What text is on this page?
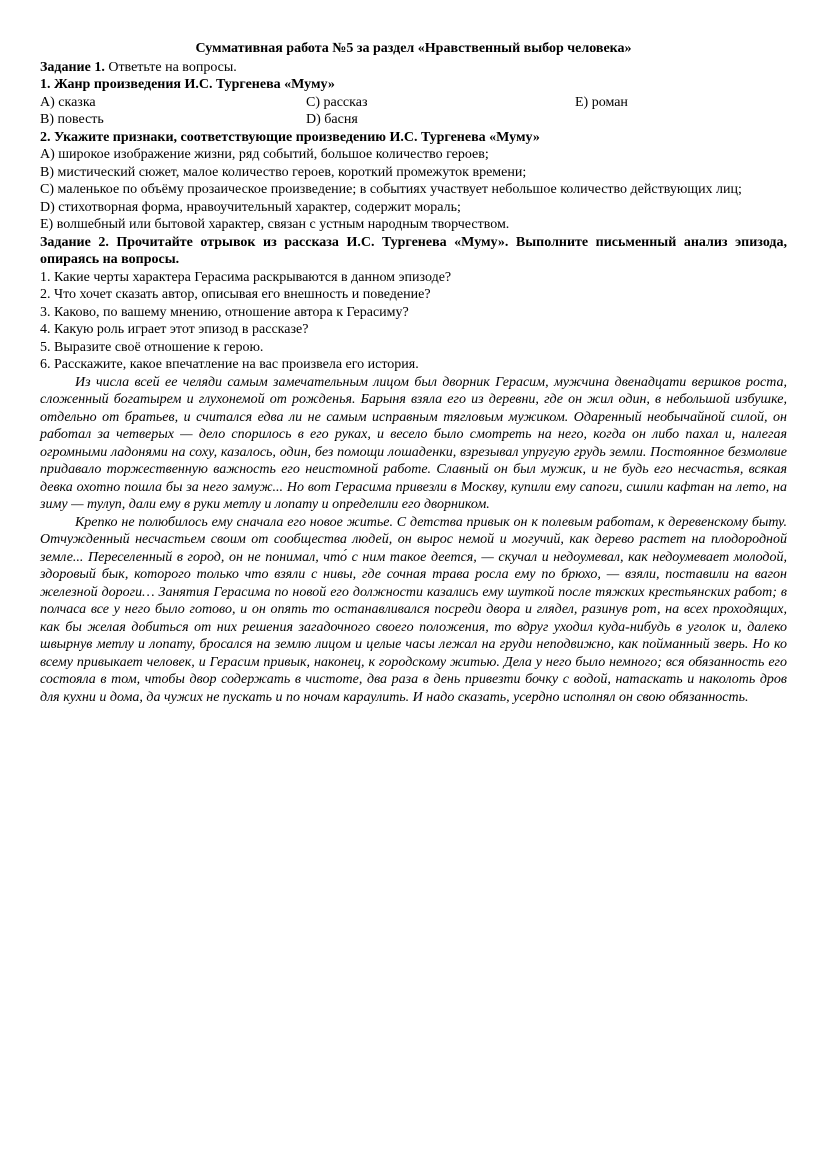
Суммативная работа №5 за раздел «Нравственный выбор человека»

Задание 1. Ответьте на вопросы.

1. Жанр произведения И.С. Тургенева «Муму»

А) сказка	С) рассказ	Е) роман
В) повесть	D) басня

2. Укажите признаки, соответствующие произведению И.С. Тургенева «Муму»

А) широкое изображение жизни, ряд событий, большое количество героев;

В) мистический сюжет, малое количество героев, короткий промежуток времени;

С) маленькое по объёму прозаическое произведение; в событиях участвует небольшое количество действующих лиц;

D) стихотворная форма, нравоучительный характер, содержит мораль;

Е) волшебный или бытовой характер, связан с устным народным творчеством.

Задание 2. Прочитайте отрывок из рассказа И.С. Тургенева «Муму». Выполните письменный анализ эпизода, опираясь на вопросы.

1. Какие черты характера Герасима раскрываются в данном эпизоде?

2. Что хочет сказать автор, описывая его внешность и поведение?

3. Каково, по вашему мнению, отношение автора к Герасиму?

4. Какую роль играет этот эпизод в рассказе?

5. Выразите своё отношение к герою.

6. Расскажите, какое впечатление на вас произвела его история.

Из числа всей ее челяди самым замечательным лицом был дворник Герасим, мужчина двенадцати вершков роста, сложенный богатырем и глухонемой от рожденья. Барыня взяла его из деревни, где он жил один, в небольшой избушке, отдельно от братьев, и считался едва ли не самым исправным тягловым мужиком. Одаренный необычайной силой, он работал за четверых — дело спорилось в его руках, и весело было смотреть на него, когда он либо пахал и, налегая огромными ладонями на соху, казалось, один, без помощи лошаденки, взрезывал упругую грудь земли. Постоянное безмолвие придавало торжественную важность его неистомной работе. Славный он был мужик, и не будь его несчастья, всякая девка охотно пошла бы за него замуж... Но вот Герасима привезли в Москву, купили ему сапоги, сшили кафтан на лето, на зиму — тулуп, дали ему в руки метлу и лопату и определили его дворником.

Крепко не полюбилось ему сначала его новое житье. С детства привык он к полевым работам, к деревенскому быту. Отчужденный несчастьем своим от сообщества людей, он вырос немой и могучий, как дерево растет на плодородной земле... Переселенный в город, он не понимал, что́ с ним такое деется, — скучал и недоумевал, как недоумевает молодой, здоровый бык, которого только что взяли с нивы, где сочная трава росла ему по брюхо, — взяли, поставили на вагон железной дороги… Занятия Герасима по новой его должности казались ему шуткой после тяжких крестьянских работ; в полчаса все у него было готово, и он опять то останавливался посреди двора и глядел, разинув рот, на всех проходящих, как бы желая добиться от них решения загадочного своего положения, то вдруг уходил куда-нибудь в уголок и, далеко швырнув метлу и лопату, бросался на землю лицом и целые часы лежал на груди неподвижно, как пойманный зверь. Но ко всему привыкает человек, и Герасим привык, наконец, к городскому житью. Дела у него было немного; вся обязанность его состояла в том, чтобы двор содержать в чистоте, два раза в день привезти бочку с водой, натаскать и наколоть дров для кухни и дома, да чужих не пускать и по ночам караулить. И надо сказать, усердно исполнял он свою обязанность.
